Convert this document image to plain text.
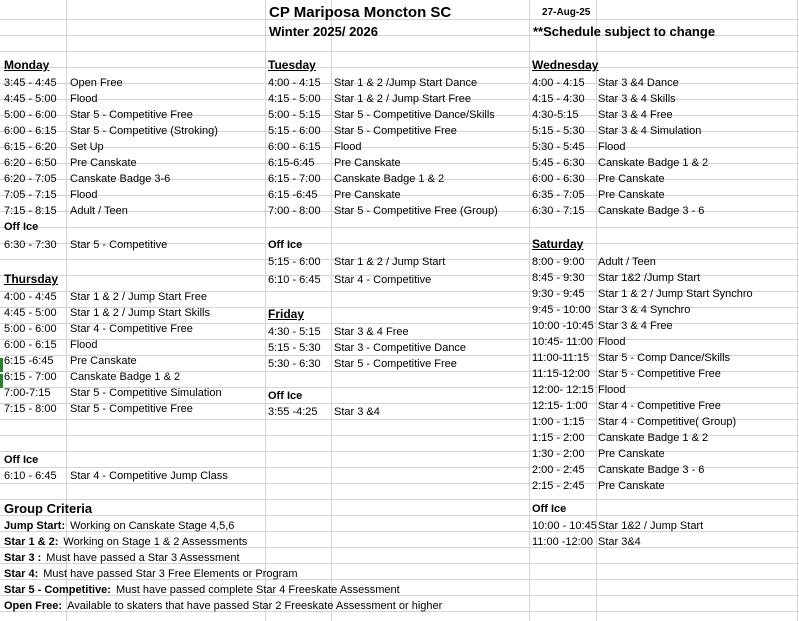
CP Mariposa Moncton SC
Winter 2025/ 2026
27-Aug-25
**Schedule subject to change
Monday
3:45 - 4:45 Open Free
4:45 - 5:00 Flood
5:00 - 6:00 Star 5 - Competitive Free
6:00 - 6:15 Star 5 - Competitive (Stroking)
6:15 - 6:20 Set Up
6:20 - 6:50 Pre Canskate
6:20 - 7:05 Canskate Badge 3-6
7:05 - 7:15 Flood
7:15 - 8:15 Adult / Teen
Off Ice
6:30 - 7:30 Star 5 - Competitive
Tuesday
4:00 - 4:15 Star 1 & 2 /Jump Start Dance
4:15 - 5:00 Star 1 & 2 / Jump Start Free
5:00 - 5:15 Star 5 - Competitive Dance/Skills
5:15 - 6:00 Star 5 - Competitive Free
6:00 - 6:15 Flood
6:15-6:45 Pre Canskate
6:15 - 7:00 Canskate Badge 1 & 2
6:15 -6:45 Pre Canskate
7:00 - 8:00 Star 5 - Competitive Free (Group)
Off Ice
5:15 - 6:00 Star 1 & 2 / Jump Start
6:10 - 6:45 Star 4 - Competitive
Wednesday
4:00 - 4:15 Star 3 &4 Dance
4:15 - 4:30 Star 3 & 4 Skills
4:30-5:15 Star 3 & 4 Free
5:15 - 5:30 Star 3 & 4 Simulation
5:30 - 5:45 Flood
5:45 - 6:30 Canskate Badge 1 & 2
6:00 - 6:30 Pre Canskate
6:35 - 7:05 Pre Canskate
6:30 - 7:15 Canskate Badge 3 - 6
Thursday
4:00 - 4:45 Star 1 & 2 / Jump Start Free
4:45 - 5:00 Star 1 & 2 / Jump Start Skills
5:00 - 6:00 Star 4 - Competitive Free
6:00 - 6:15 Flood
6:15 -6:45 Pre Canskate
6:15 - 7:00 Canskate Badge 1 & 2
7:00-7:15 Star 5 - Competitive Simulation
7:15 - 8:00 Star 5 - Competitive Free
Off Ice
6:10 - 6:45 Star 4 - Competitive Jump Class
Friday
4:30 - 5:15 Star 3 & 4 Free
5:15 - 5:30 Star 3 - Competitive Dance
5:30 - 6:30 Star 5 - Competitive Free
Off Ice
3:55 -4:25 Star 3 &4
Saturday
8:00 - 9:00 Adult / Teen
8:45 - 9:30 Star 1&2 /Jump Start
9:30 - 9:45 Star 1 & 2 / Jump Start Synchro
9:45 - 10:00 Star 3 & 4 Synchro
10:00 -10:45 Star 3 & 4 Free
10:45- 11:00 Flood
11:00-11:15 Star 5 - Comp Dance/Skills
11:15-12:00 Star 5 - Competitive Free
12:00- 12:15 Flood
12:15- 1:00 Star 4 - Competitive Free
1:00 - 1:15 Star 4 - Competitive( Group)
1:15 - 2:00 Canskate Badge 1 & 2
1:30 - 2:00 Pre Canskate
2:00 - 2:45 Canskate Badge 3 - 6
2:15 - 2:45 Pre Canskate
Off Ice
10:00 - 10:45 Star 1&2 / Jump Start
11:00 -12:00 Star 3&4
Group Criteria
Jump Start: Working on Canskate Stage 4,5,6
Star 1 & 2: Working on Stage 1 & 2 Assessments
Star 3 : Must have passed a Star 3 Assessment
Star 4: Must have passed Star 3 Free Elements or Program
Star 5 - Competitive: Must have passed complete Star 4 Freeskate Assessment
Open Free: Available to skaters that have passed Star 2 Freeskate Assessment or higher
